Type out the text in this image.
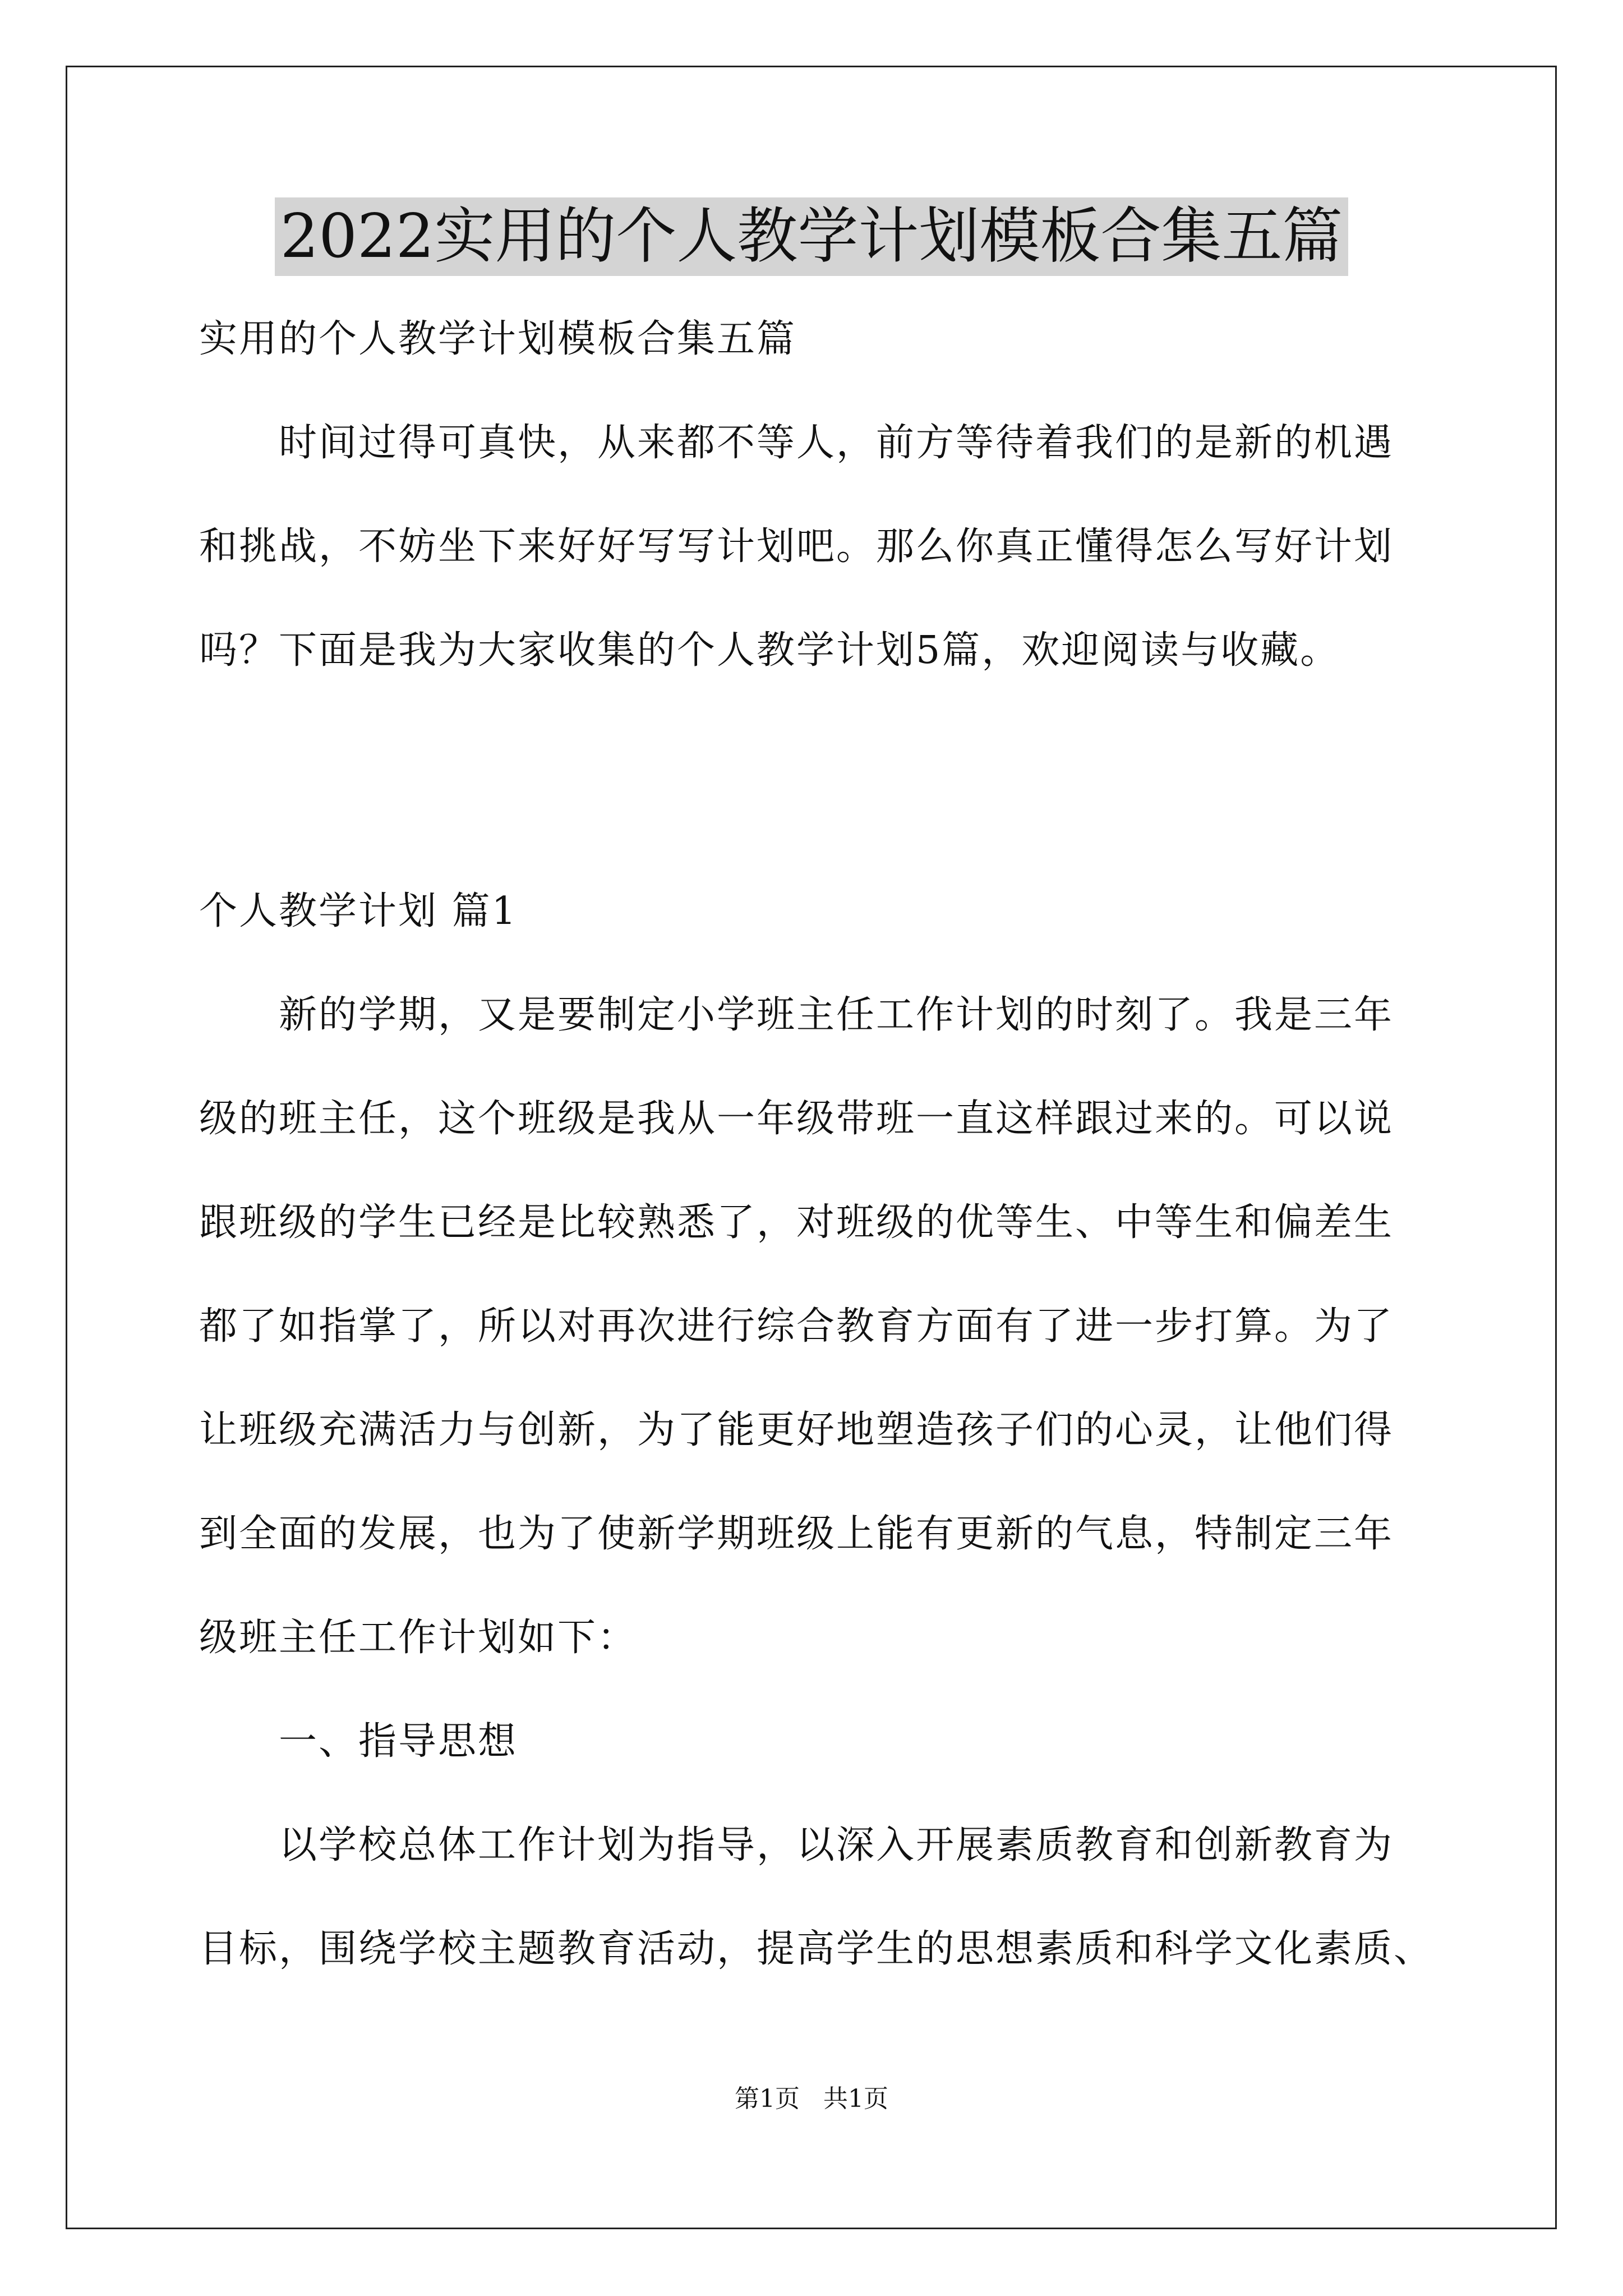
2022实用的个人教学计划模板合集五篇
实用的个人教学计划模板合集五篇
　　时间过得可真快，从来都不等人，前方等待着我们的是新的机遇
和挑战，不妨坐下来好好写写计划吧。那么你真正懂得怎么写好计划
吗？下面是我为大家收集的个人教学计划5篇，欢迎阅读与收藏。
个人教学计划 篇1
　　新的学期，又是要制定小学班主任工作计划的时刻了。我是三年
级的班主任，这个班级是我从一年级带班一直这样跟过来的。可以说
跟班级的学生已经是比较熟悉了，对班级的优等生、中等生和偏差生
都了如指掌了，所以对再次进行综合教育方面有了进一步打算。为了
让班级充满活力与创新，为了能更好地塑造孩子们的心灵，让他们得
到全面的发展，也为了使新学期班级上能有更新的气息，特制定三年
级班主任工作计划如下：
　　一、指导思想
　　以学校总体工作计划为指导，以深入开展素质教育和创新教育为
目标，围绕学校主题教育活动，提高学生的思想素质和科学文化素质、
第1页 共1页
